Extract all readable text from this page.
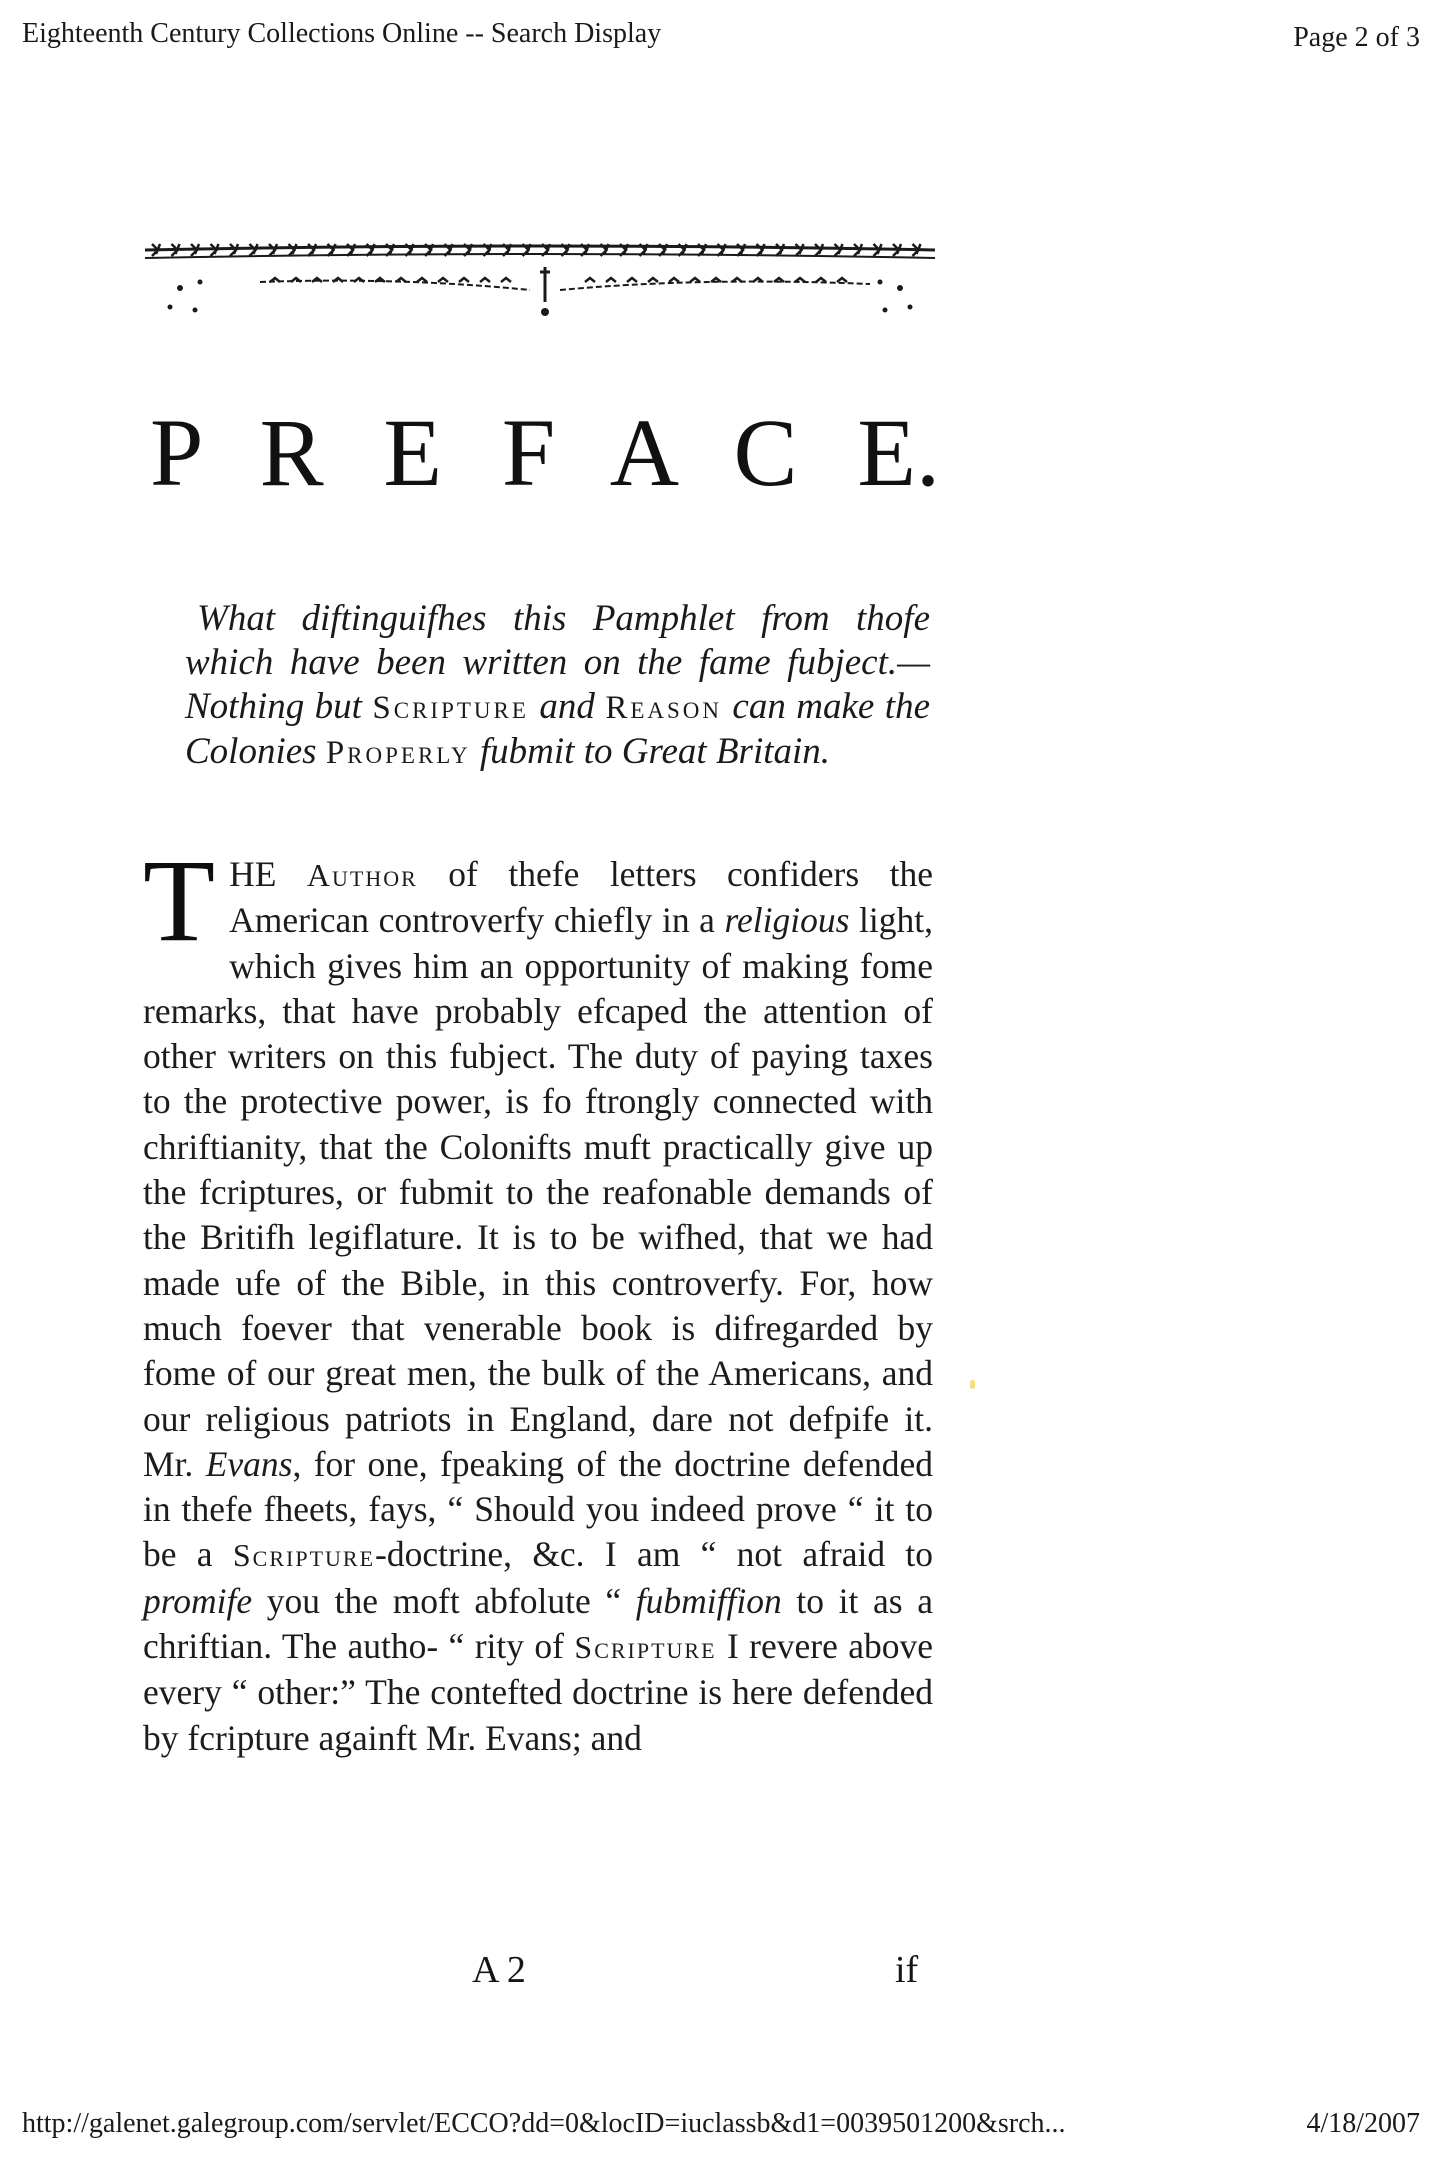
Eighteenth Century Collections Online -- Search Display	Page 2 of 3
P R E F A C E.
What diftinguifhes this Pamphlet from thofe which have been written on the fame fubject.—Nothing but Scripture and Reason can make the Colonies Properly fubmit to Great Britain.
THE Author of thefe letters confiders the American controverfy chiefly in a religious light, which gives him an opportunity of making fome remarks, that have probably efcaped the attention of other writers on this fubject. The duty of paying taxes to the protective power, is fo ftrongly connected with chriftianity, that the Colonifts muft practically give up the fcriptures, or fubmit to the reafonable demands of the Britifh legiflature. It is to be wifhed, that we had made ufe of the Bible, in this controverfy. For, how much foever that venerable book is difregarded by fome of our great men, the bulk of the Americans, and our religious patriots in England, dare not defpife it. Mr. Evans, for one, fpeaking of the doctrine defended in thefe fheets, fays, “ Should you indeed prove “ it to be a Scripture-doctrine, &c. I am “ not afraid to promife you the moft abfolute “ fubmiffion to it as a chriftian. The autho- “ rity of Scripture I revere above every “ other:” The contefted doctrine is here defended by fcripture againft Mr. Evans; and
A 2	if
http://galenet.galegroup.com/servlet/ECCO?dd=0&locID=iuclassb&d1=0039501200&srch...	4/18/2007
